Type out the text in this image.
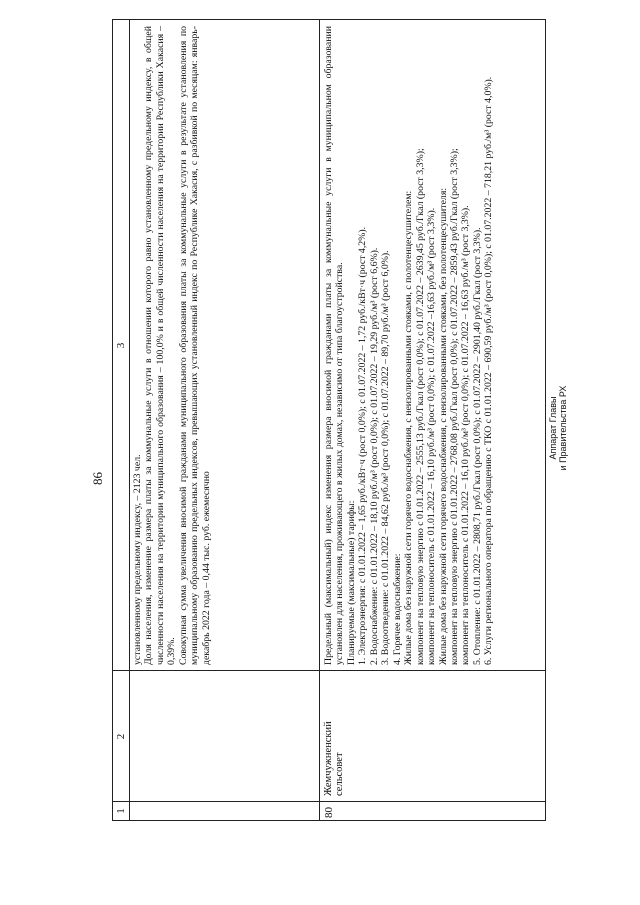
86
1
2
3

установленному предельному индексу, – 2123 чел. Доля населения, изменение размера платы за коммунальные услуги в отношении которого равно установленному предельному индексу, в общей численности населения на территории муниципального образования – 100,0% и в общей численности населения на территории Республики Хакасия – 0,39%. Совокупная сумма увеличения вносимой гражданами муниципального образования платы за коммунальные услуги в результате установления по муниципальному образованию предельных индексов, превышающих установленный индекс по Республике Хакасия, с разбивкой по месяцам: январь-декабрь 2022 года – 0,44 тыс. руб. ежемесячно

80
Жемчужненский сельсовет

Предельный (максимальный) индекс изменения размера вносимой гражданами платы за коммунальные услуги в муниципальном образовании установлен для населения, проживающего в жилых домах, независимо от типа благоустройства. Планируемые (максимальные) тарифы: 1. Электроэнергия: с 01.01.2022 – 1,65 руб./кВт·ч (рост 0,0%); с 01.07.2022 – 1,72 руб./кВт·ч (рост 4,2%). 2. Водоснабжение: с 01.01.2022 – 18,10 руб./м³ (рост 0,0%); с 01.07.2022 – 19,29 руб./м³ (рост 6,6%). 3. Водоотведение: с 01.01.2022 – 84,62 руб./м³ (рост 0,0%); с 01.07.2022 – 89,70 руб./м³ (рост 6,0%). 4. Горячее водоснабжение: Жилые дома без наружной сети горячего водоснабжения, с неизолированными стояками, с полотенцесушителем: компонент на тепловую энергию с 01.01.2022 – 2555,13 руб./Гкал (рост 0,0%); с 01.07.2022 – 2639,45 руб./Гкал (рост 3,3%); компонент на теплоноситель с 01.01.2022 – 16,10 руб./м³ (рост 0,0%); с 01.07.2022 –16,63 руб./м³ (рост 3,3%). Жилые дома без наружной сети горячего водоснабжения, с неизолированными стояками, без полотенцесушителя: компонент на тепловую энергию с 01.01.2022 – 2768,08 руб./Гкал (рост 0,0%); с 01.07.2022 – 2859,43 руб./Гкал (рост 3,3%); компонент на теплоноситель с 01.01.2022 – 16,10 руб./м³ (рост 0,0%); с 01.07.2022 – 16,63 руб./м³ (рост 3,3%). 5. Отопление: с 01.01.2022 – 2808,71 руб./Гкал (рост 0,0%); с 01.07.2022 – 2901,40 руб./Гкал (рост 3,3%). 6. Услуги регионального оператора по обращению с ТКО с 01.01.2022 – 690,59 руб./м³ (рост 0,0%); с 01.07.2022 – 718,21 руб./м³ (рост 4,0%).	Аппарат Главы и Правительства РХ
